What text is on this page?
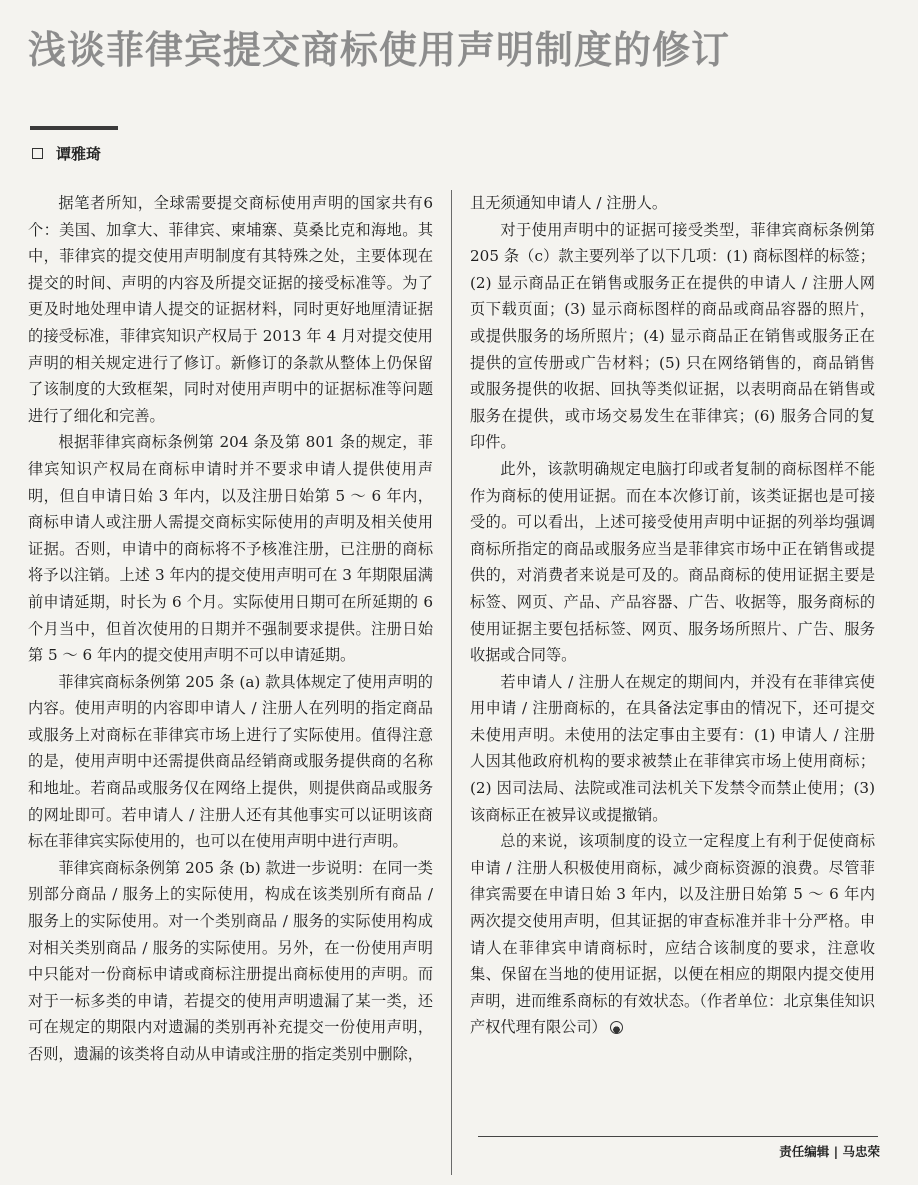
浅谈菲律宾提交商标使用声明制度的修订
谭雅琦

据笔者所知，全球需要提交商标使用声明的国家共有6个：美国、加拿大、菲律宾、柬埔寨、莫桑比克和海地。其中，菲律宾的提交使用声明制度有其特殊之处，主要体现在提交的时间、声明的内容及所提交证据的接受标准等。为了更及时地处理申请人提交的证据材料，同时更好地厘清证据的接受标准，菲律宾知识产权局于 2013 年 4 月对提交使用声明的相关规定进行了修订。新修订的条款从整体上仍保留了该制度的大致框架，同时对使用声明中的证据标准等问题进行了细化和完善。

根据菲律宾商标条例第 204 条及第 801 条的规定，菲律宾知识产权局在商标申请时并不要求申请人提供使用声明，但自申请日始 3 年内，以及注册日始第 5 ～ 6 年内，商标申请人或注册人需提交商标实际使用的声明及相关使用证据。否则，申请中的商标将不予核准注册，已注册的商标将予以注销。上述 3 年内的提交使用声明可在 3 年期限届满前申请延期，时长为 6 个月。实际使用日期可在所延期的 6 个月当中，但首次使用的日期并不强制要求提供。注册日始第 5 ～ 6 年内的提交使用声明不可以申请延期。

菲律宾商标条例第 205 条 (a) 款具体规定了使用声明的内容。使用声明的内容即申请人 / 注册人在列明的指定商品或服务上对商标在菲律宾市场上进行了实际使用。值得注意的是，使用声明中还需提供商品经销商或服务提供商的名称和地址。若商品或服务仅在网络上提供，则提供商品或服务的网址即可。若申请人 / 注册人还有其他事实可以证明该商标在菲律宾实际使用的，也可以在使用声明中进行声明。

菲律宾商标条例第 205 条 (b) 款进一步说明：在同一类别部分商品 / 服务上的实际使用，构成在该类别所有商品 / 服务上的实际使用。对一个类别商品 / 服务的实际使用构成对相关类别商品 / 服务的实际使用。另外，在一份使用声明中只能对一份商标申请或商标注册提出商标使用的声明。而对于一标多类的申请，若提交的使用声明遗漏了某一类，还可在规定的期限内对遗漏的类别再补充提交一份使用声明，否则，遗漏的该类将自动从申请或注册的指定类别中删除，

且无须通知申请人 / 注册人。

对于使用声明中的证据可接受类型，菲律宾商标条例第 205 条（c）款主要列举了以下几项：(1) 商标图样的标签；(2) 显示商品正在销售或服务正在提供的申请人 / 注册人网页下载页面；(3) 显示商标图样的商品或商品容器的照片，或提供服务的场所照片；(4) 显示商品正在销售或服务正在提供的宣传册或广告材料；(5) 只在网络销售的，商品销售或服务提供的收据、回执等类似证据，以表明商品在销售或服务在提供，或市场交易发生在菲律宾；(6) 服务合同的复印件。

此外，该款明确规定电脑打印或者复制的商标图样不能作为商标的使用证据。而在本次修订前，该类证据也是可接受的。可以看出，上述可接受使用声明中证据的列举均强调商标所指定的商品或服务应当是菲律宾市场中正在销售或提供的，对消费者来说是可及的。商品商标的使用证据主要是标签、网页、产品、产品容器、广告、收据等，服务商标的使用证据主要包括标签、网页、服务场所照片、广告、服务收据或合同等。

若申请人 / 注册人在规定的期间内，并没有在菲律宾使用申请 / 注册商标的，在具备法定事由的情况下，还可提交未使用声明。未使用的法定事由主要有：(1) 申请人 / 注册人因其他政府机构的要求被禁止在菲律宾市场上使用商标；(2) 因司法局、法院或准司法机关下发禁令而禁止使用；(3) 该商标正在被异议或提撤销。

总的来说，该项制度的设立一定程度上有利于促使商标申请 / 注册人积极使用商标，减少商标资源的浪费。尽管菲律宾需要在申请日始 3 年内，以及注册日始第 5 ～ 6 年内两次提交使用声明，但其证据的审查标准并非十分严格。申请人在菲律宾申请商标时，应结合该制度的要求，注意收集、保留在当地的使用证据，以便在相应的期限内提交使用声明，进而维系商标的有效状态。（作者单位：北京集佳知识产权代理有限公司）

责任编辑 | 马忠荣
